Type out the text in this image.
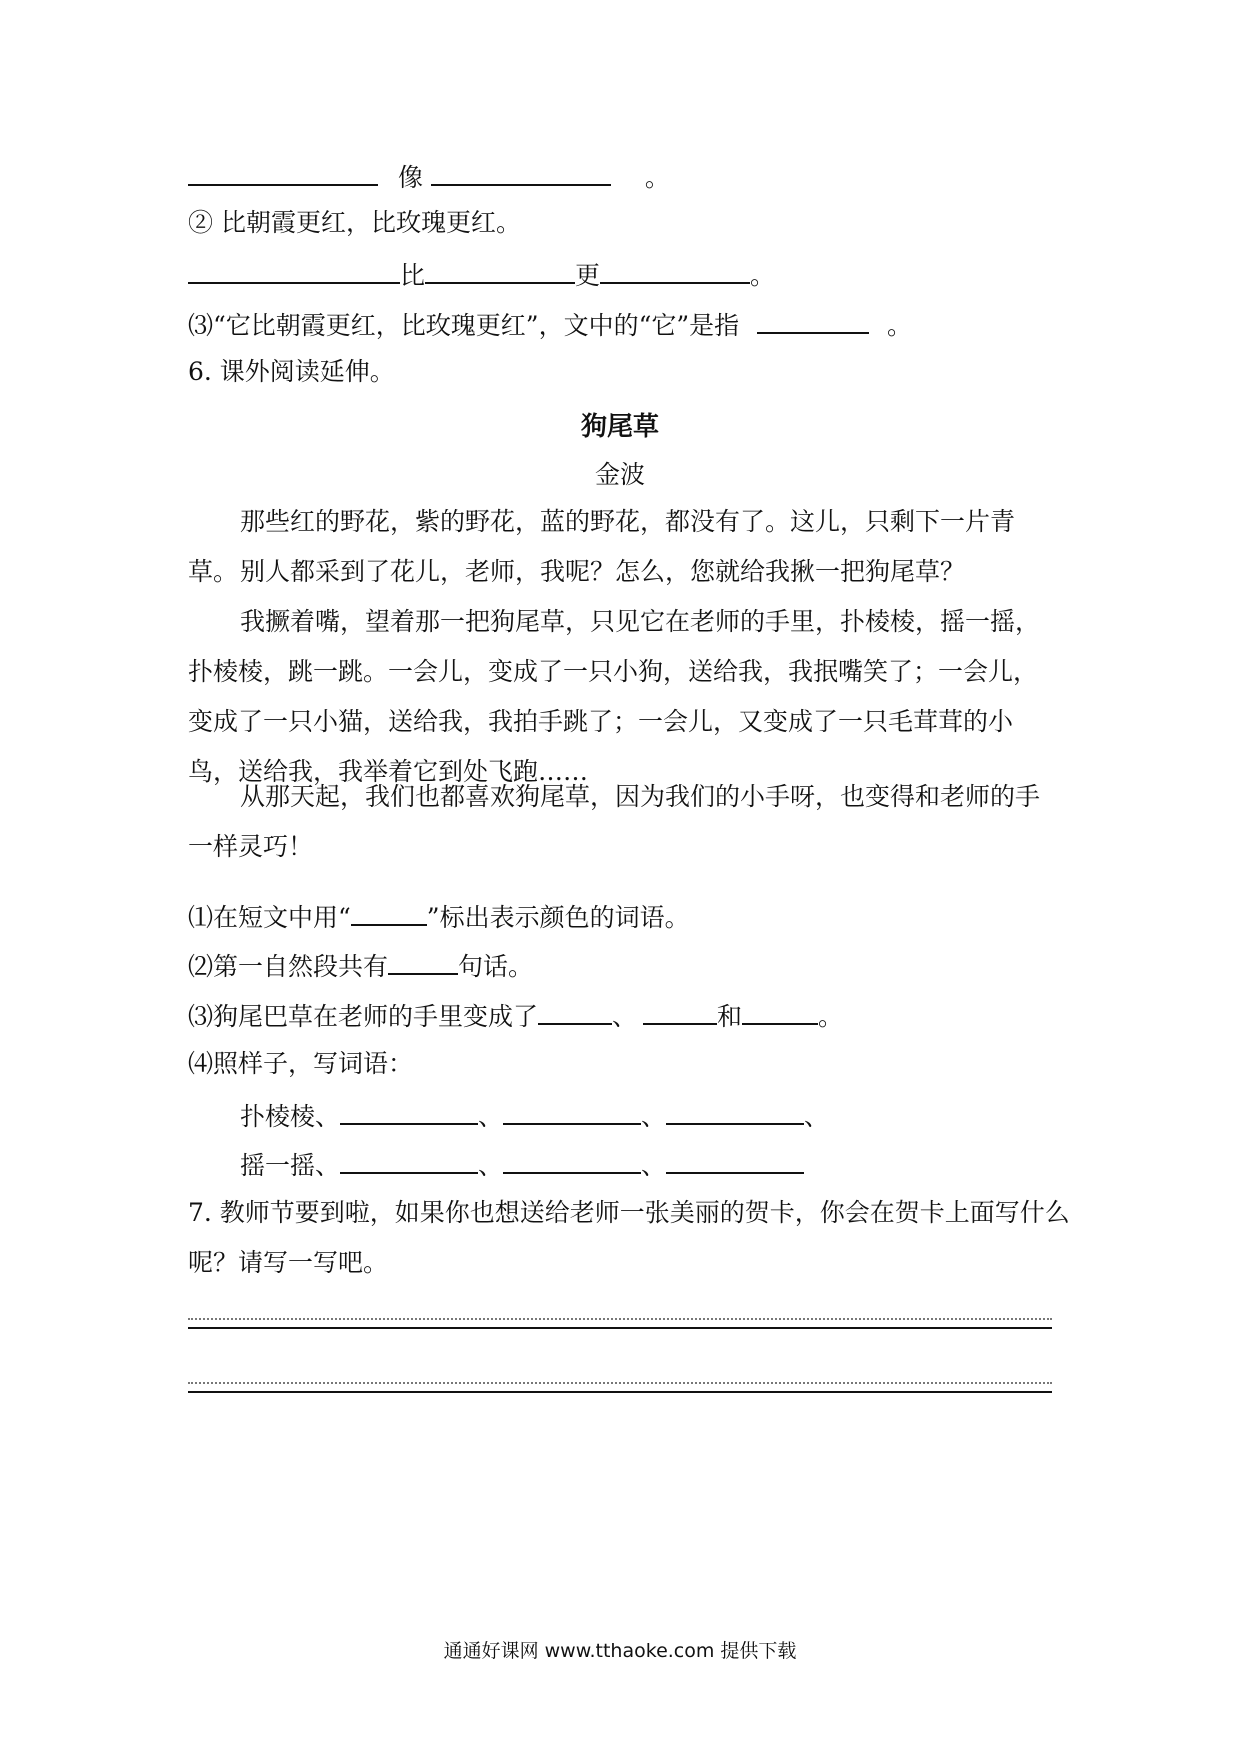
像	。
② 比朝霞更红，比玫瑰更红。
比	更	。
⑶“它比朝霞更红，比玫瑰更红”，文中的“它”是指	。
6. 课外阅读延伸。
狗尾草
金波
那些红的野花，紫的野花，蓝的野花，都没有了。这儿，只剩下一片青草。 别人都采到了花儿，老师，我呢？怎么，您就给我揪一把狗尾草？
我撅着嘴，望着那一把狗尾草，只见它在老师的手里，扑棱棱，摇一摇，扑棱棱，跳一跳。一会儿，变成了一只小狗，送给我，我抿嘴笑了；一会儿，变成了一只小猫，送给我，我拍手跳了；一会儿，又变成了一只毛茸茸的小鸟，送给我，我举着它到处飞跑……
从那天起，我们也都喜欢狗尾草，因为我们的小手呀，也变得和老师的手一样灵巧！
⑴在短文中用“	”标出表示颜色的词语。
⑵第一自然段共有	句话。
⑶狗尾巴草在老师的手里变成了	、	和	。
⑷照样子，写词语：
扑棱棱、	、	、	、
摇一摇、	、	、
7. 教师节要到啦，如果你也想送给老师一张美丽的贺卡，你会在贺卡上面写什么
呢？请写一写吧。
通通好课网 www.tthaoke.com 提供下载
